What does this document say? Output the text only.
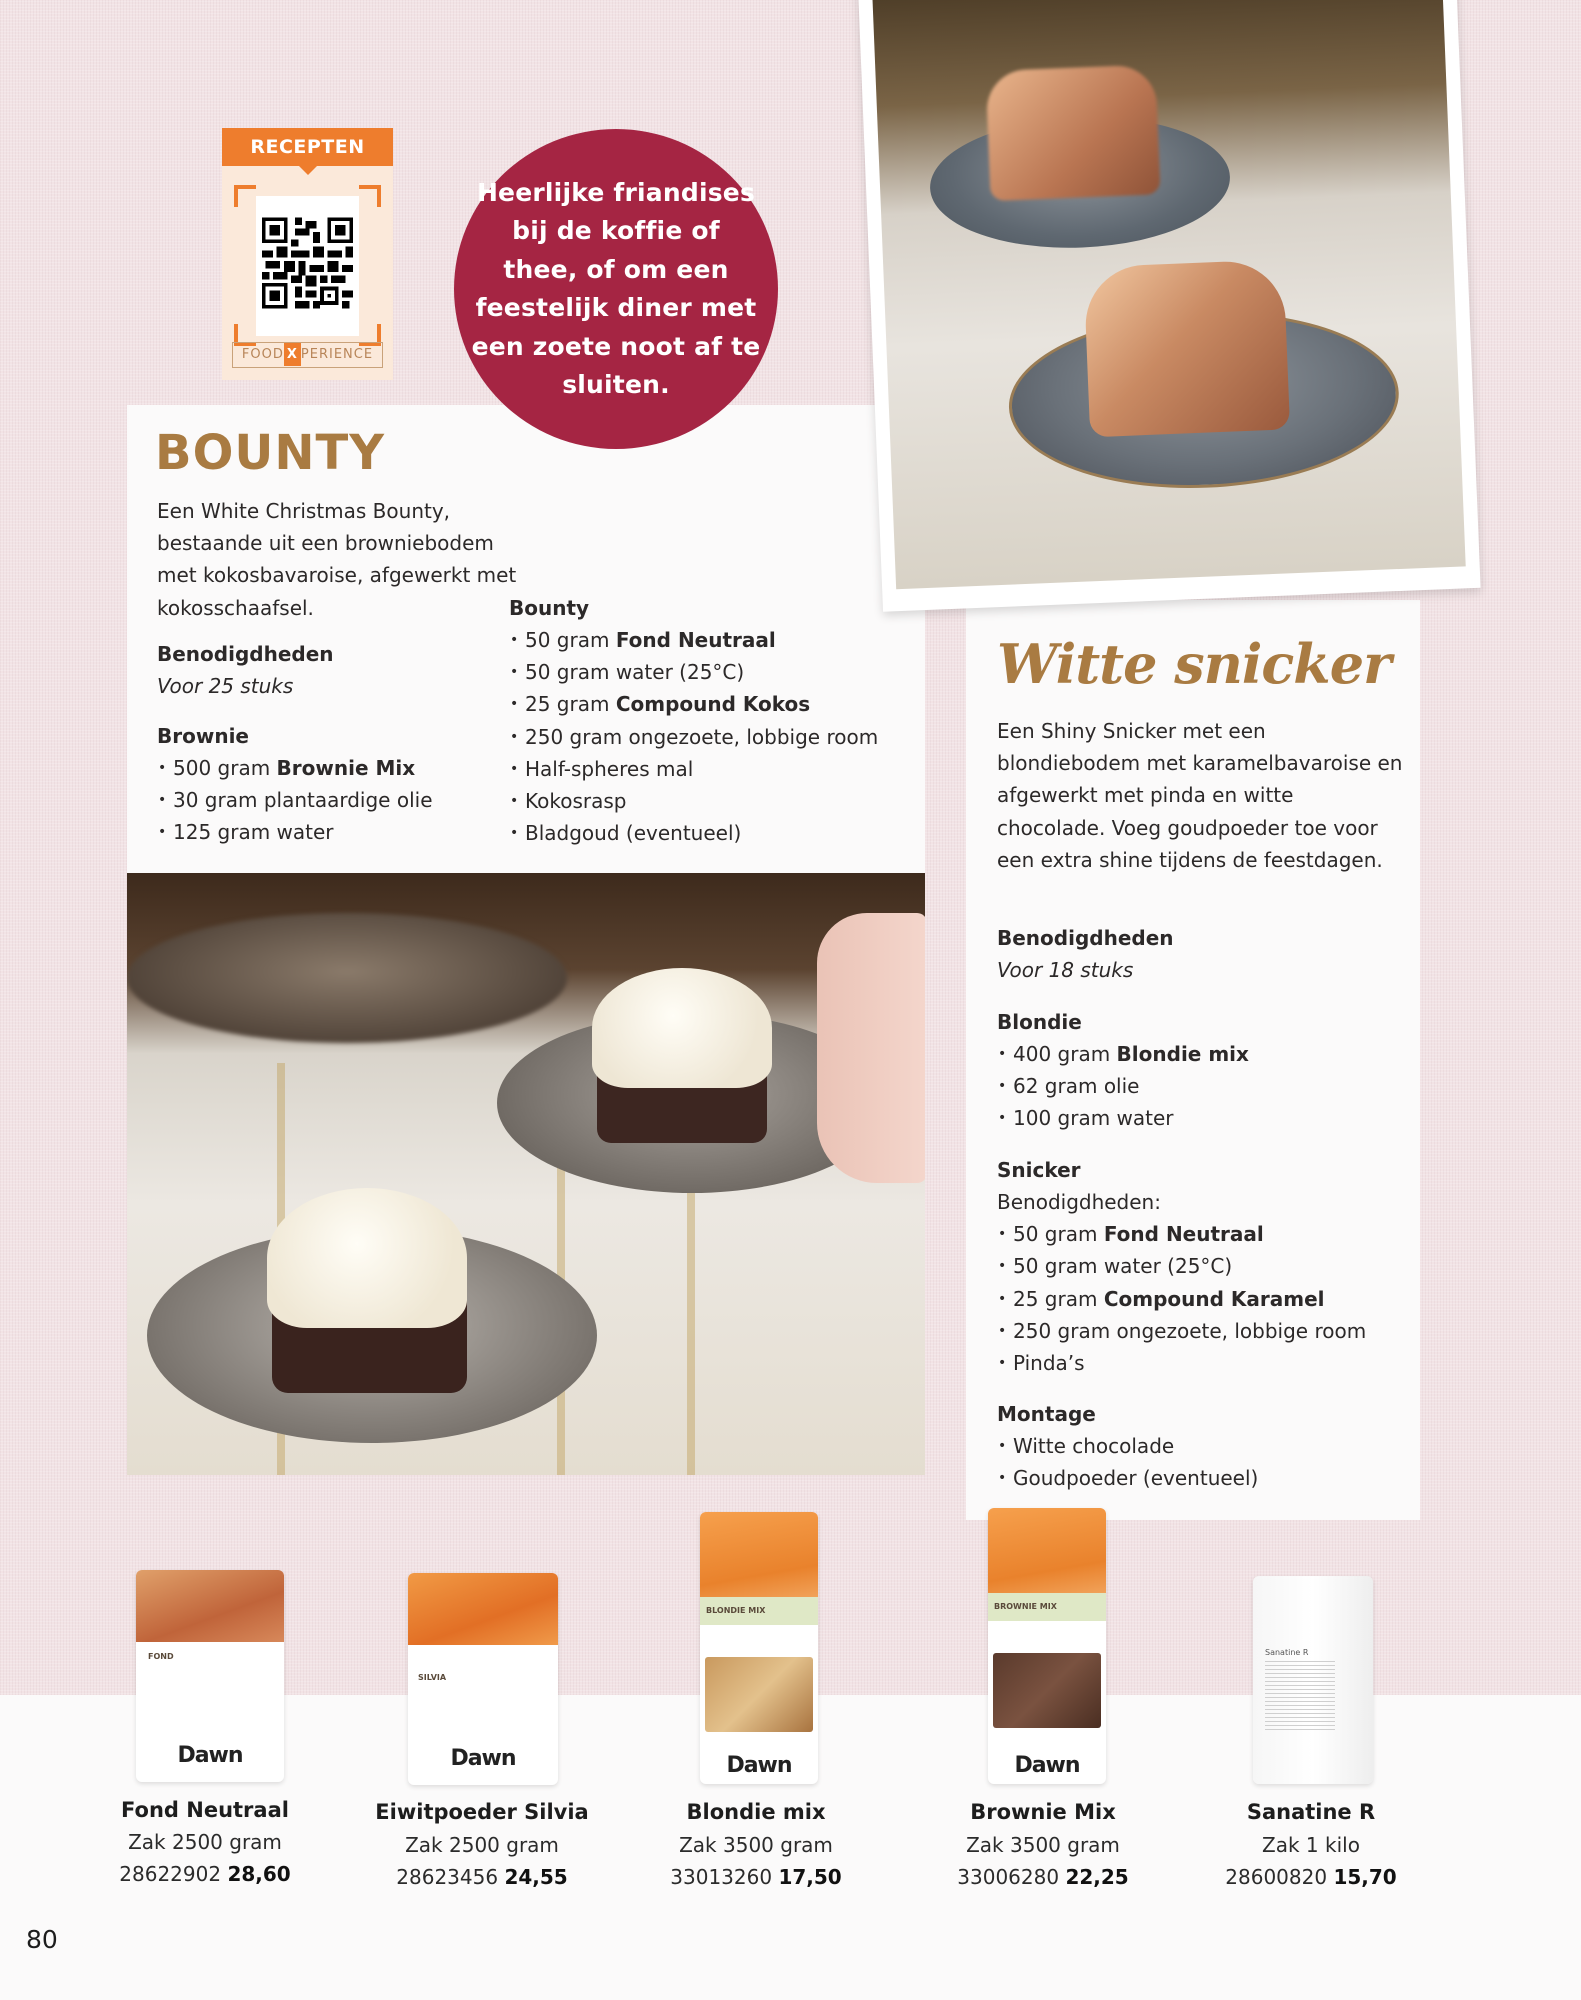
RECEPTEN
FOOD X PERIENCE

Heerlijke friandises bij de koffie of thee, of om een feestelijk diner met een zoete noot af te sluiten.

BOUNTY

Een White Christmas Bounty, bestaande uit een browniebodem met kokosbavaroise, afgewerkt met kokosschaafsel.

Benodigdheden
Voor 25 stuks
Brownie
• 500 gram Brownie Mix
• 30 gram plantaardige olie
• 125 gram water
Bounty
• 50 gram Fond Neutraal
• 50 gram water (25°C)
• 25 gram Compound Kokos
• 250 gram ongezoete, lobbige room
• Half-spheres mal
• Kokosrasp
• Bladgoud (eventueel)
Witte snicker

Een Shiny Snicker met een blondiebodem met karamelbavaroise en afgewerkt met pinda en witte chocolade. Voeg goudpoeder toe voor een extra shine tijdens de feestdagen.

Benodigdheden
Voor 18 stuks
Blondie
• 400 gram Blondie mix
• 62 gram olie
• 100 gram water
Snicker
Benodigdheden:
• 50 gram Fond Neutraal
• 50 gram water (25°C)
• 25 gram Compound Karamel
• 250 gram ongezoete, lobbige room
• Pinda’s
Montage
• Witte chocolade
• Goudpoeder (eventueel)
FOND
Dawn
Fond Neutraal
Zak 2500 gram
28622902 28,60
SILVIA
Dawn
Eiwitpoeder Silvia
Zak 2500 gram
28623456 24,55
BLONDIE MIX
Dawn
Blondie mix
Zak 3500 gram
33013260 17,50
BROWNIE MIX
Dawn
Brownie Mix
Zak 3500 gram
33006280 22,25
Sanatine R
Sanatine R
Zak 1 kilo
28600820 15,70
80
